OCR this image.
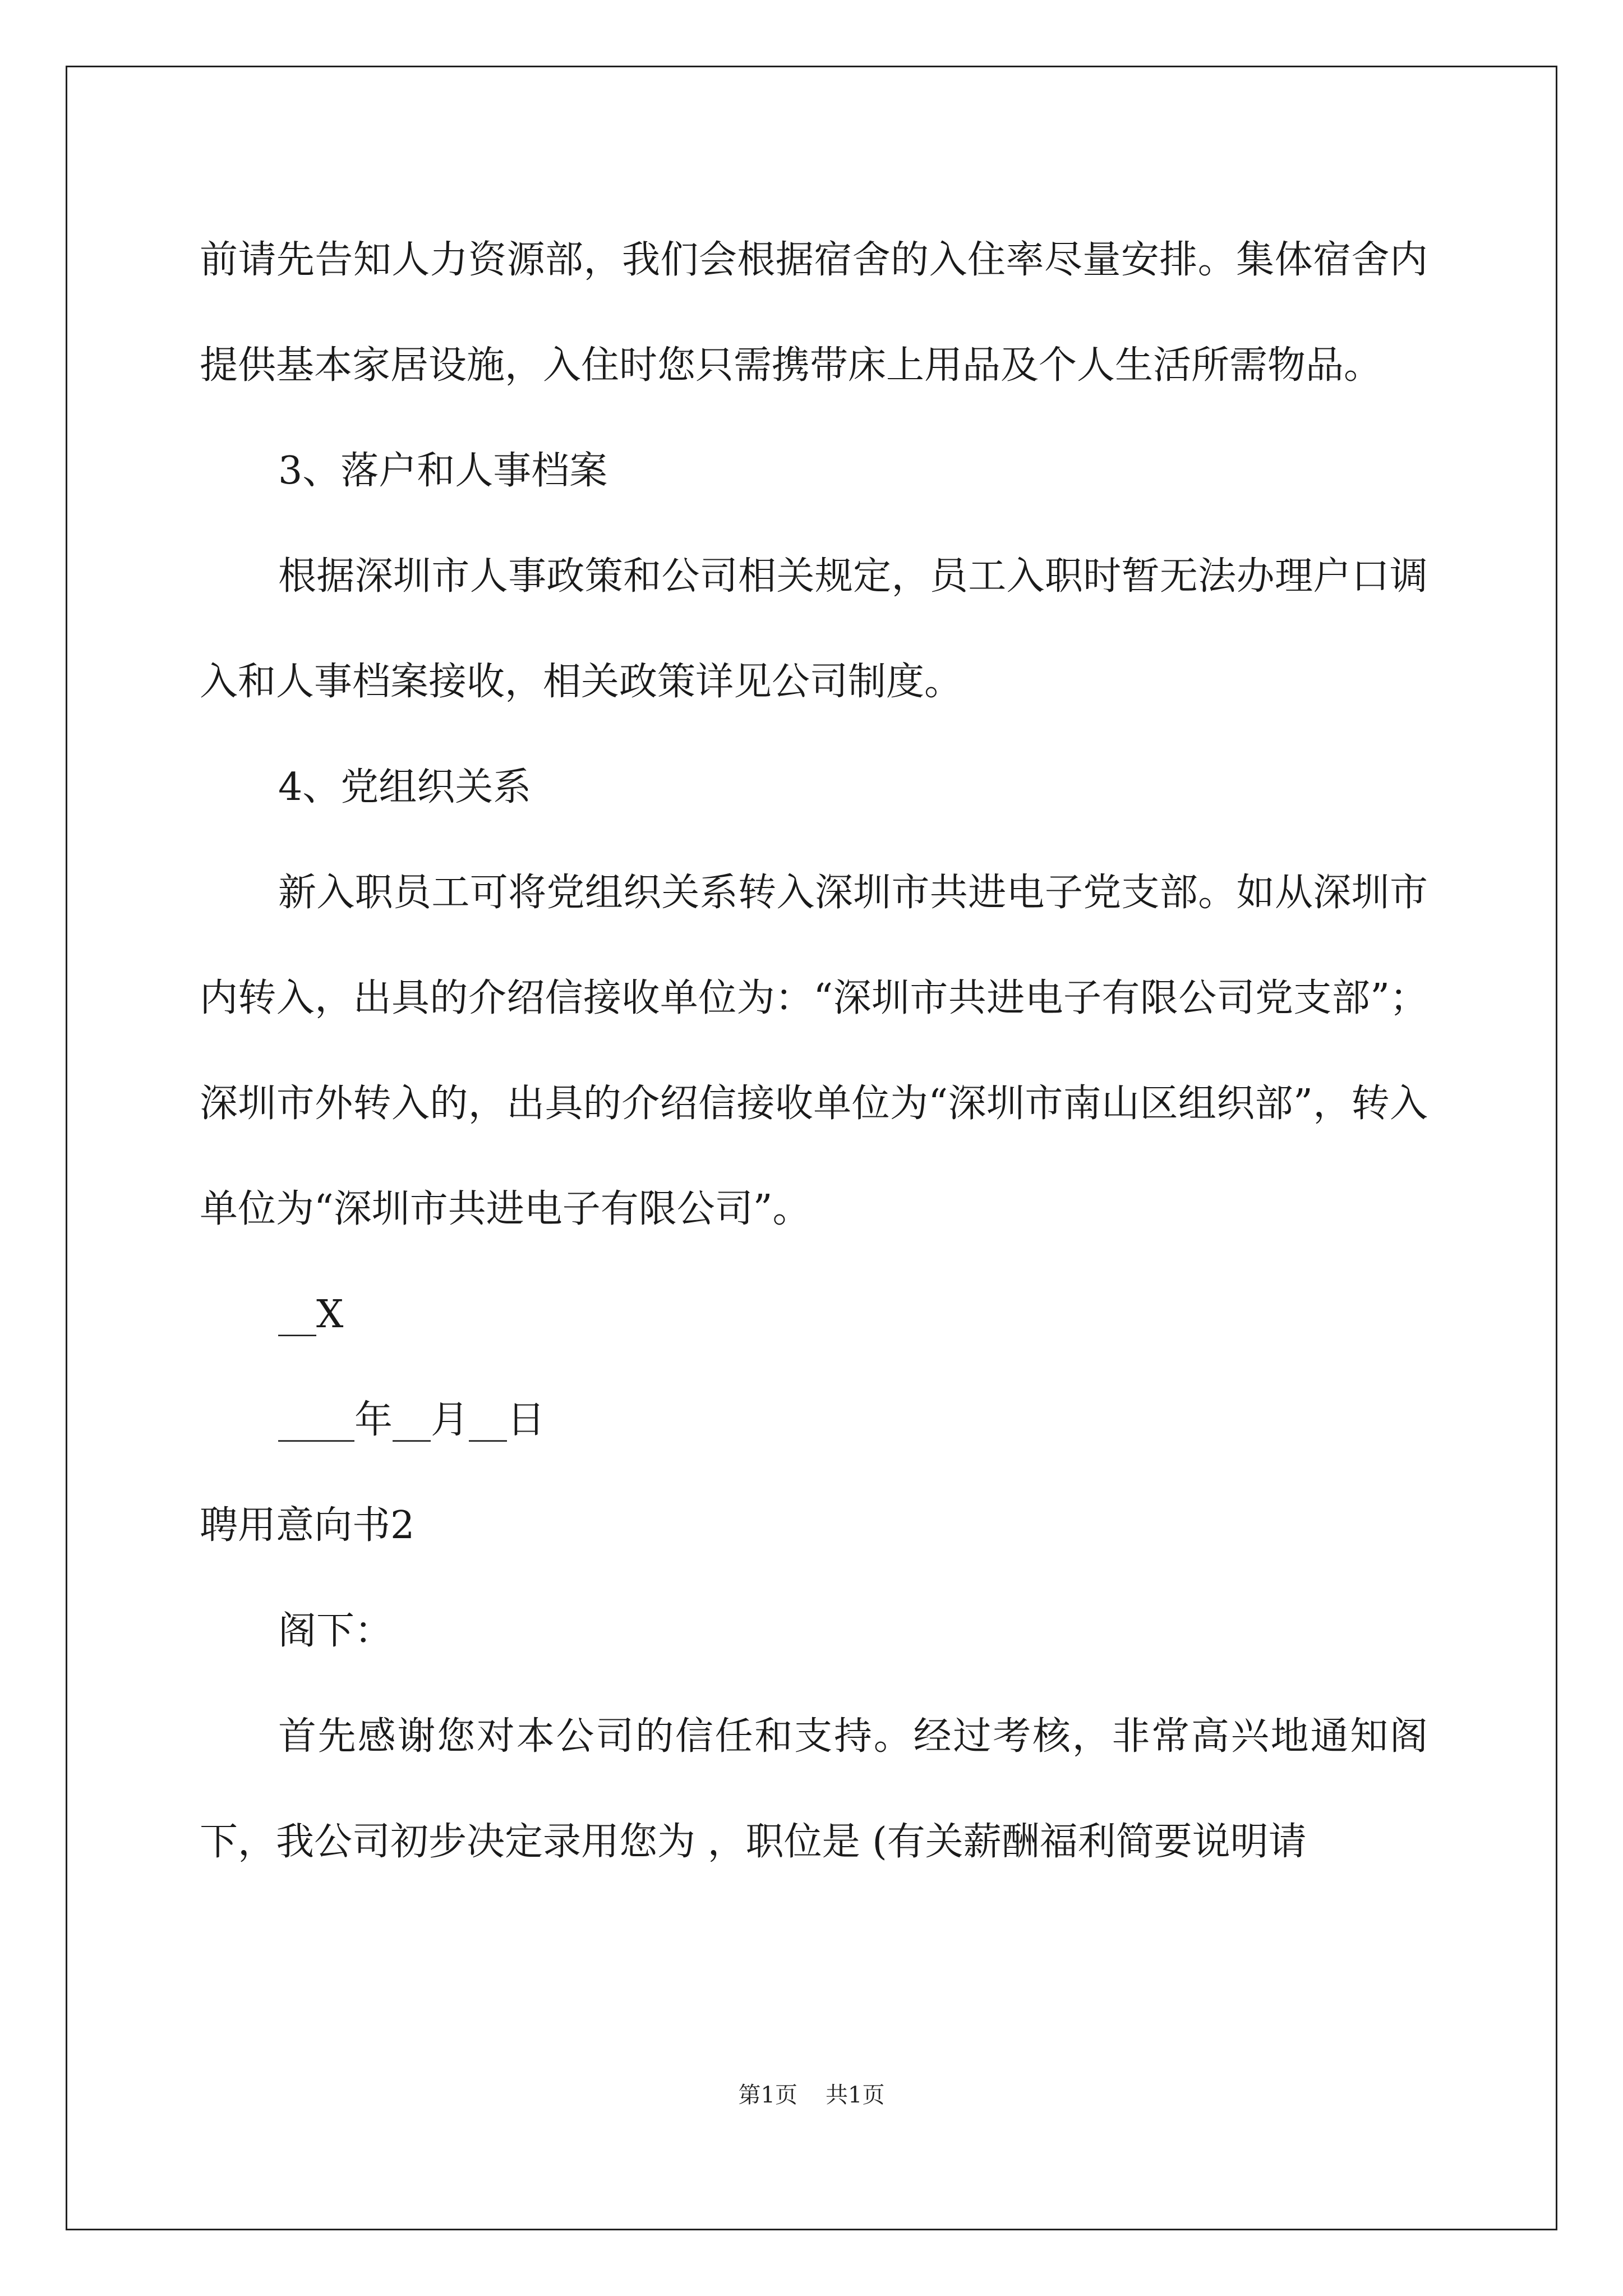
前请先告知人力资源部，我们会根据宿舍的入住率尽量安排。集体宿舍内提供基本家居设施，入住时您只需携带床上用品及个人生活所需物品。

3、落户和人事档案

根据深圳市人事政策和公司相关规定，员工入职时暂无法办理户口调入和人事档案接收，相关政策详见公司制度。

4、党组织关系

新入职员工可将党组织关系转入深圳市共进电子党支部。如从深圳市内转入，出具的介绍信接收单位为：“深圳市共进电子有限公司党支部”；深圳市外转入的，出具的介绍信接收单位为“深圳市南山区组织部”，转入单位为“深圳市共进电子有限公司”。

__X

____年__月__日

聘用意向书2

阁下：

首先感谢您对本公司的信任和支持。经过考核，非常高兴地通知阁下，我公司初步决定录用您为 ，职位是 (有关薪酬福利简要说明请

第1页 共1页
